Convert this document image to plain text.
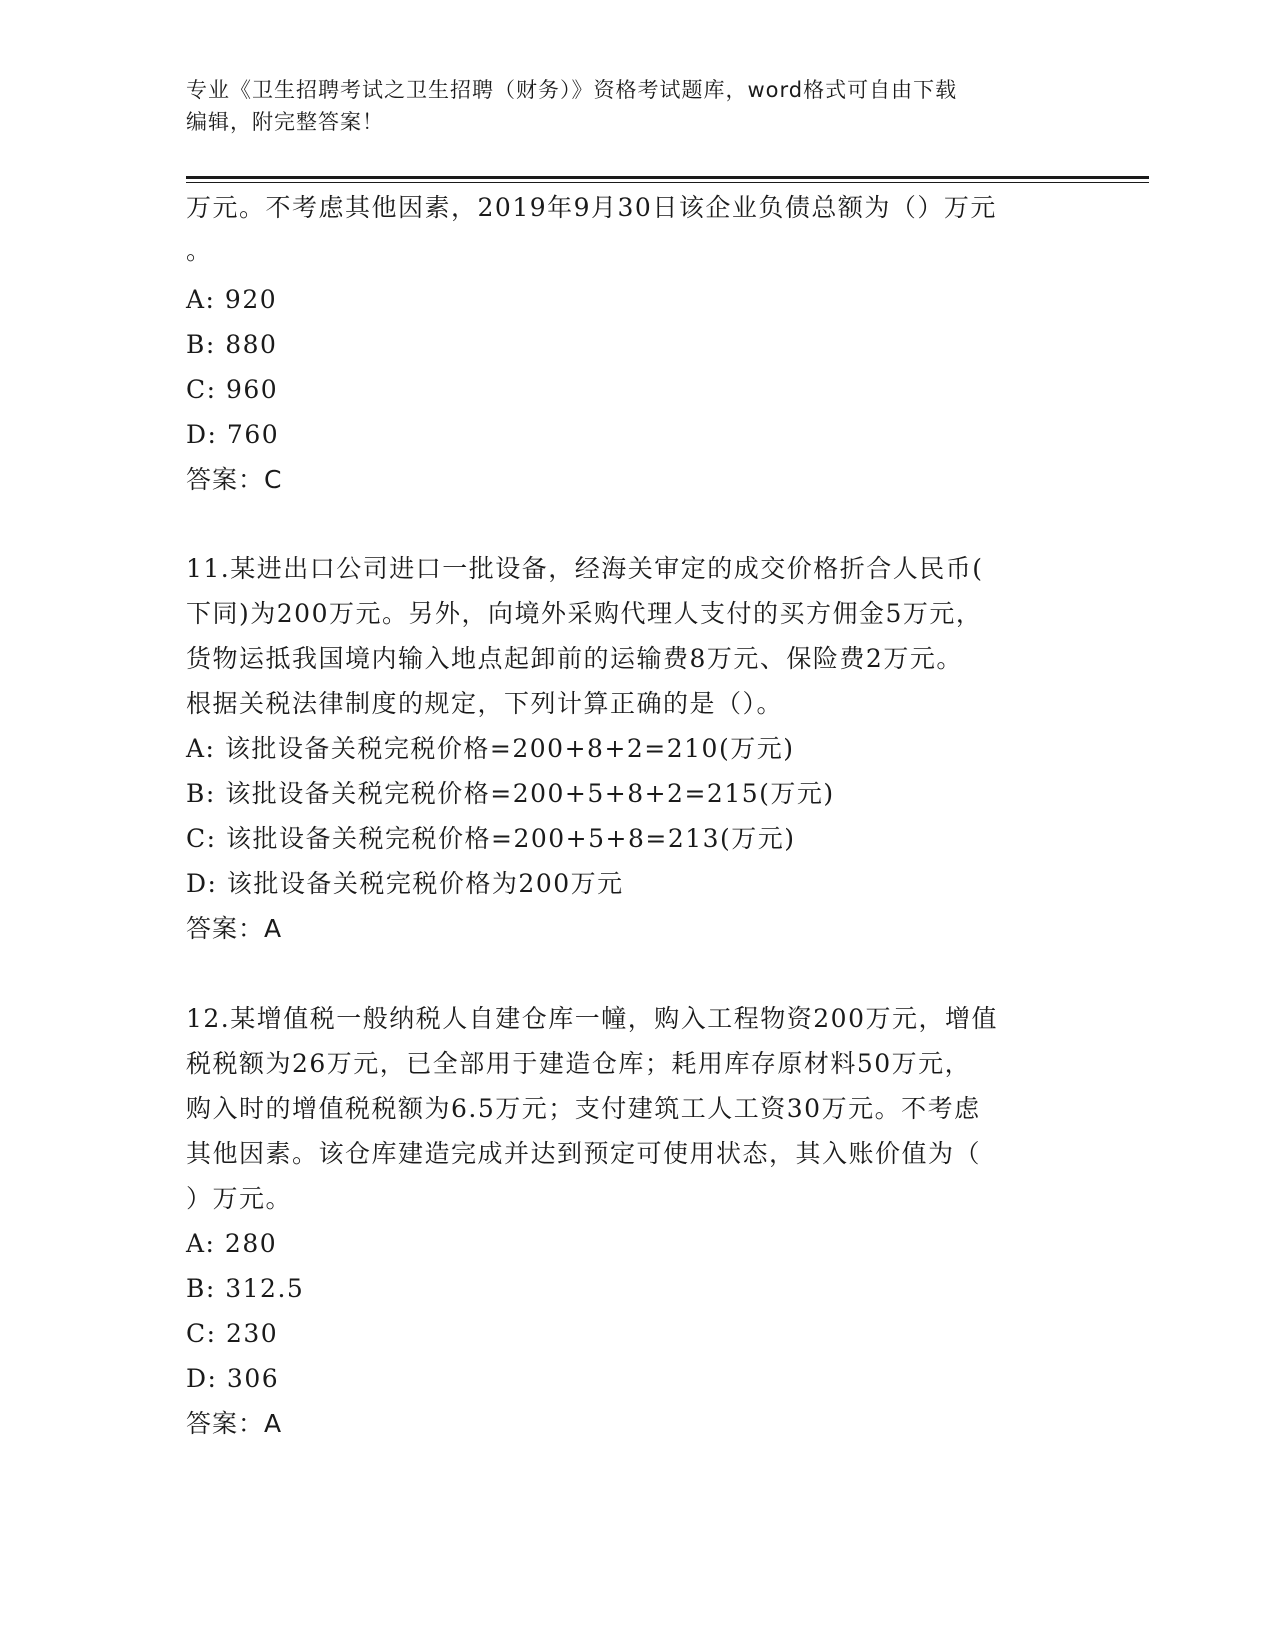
专业《卫生招聘考试之卫生招聘（财务）》资格考试题库，word格式可自由下载
编辑，附完整答案！
万元。不考虑其他因素，2019年9月30日该企业负债总额为（）万元
。
A: 920
B: 880
C: 960
D: 760
答案：C
11.某进出口公司进口一批设备，经海关审定的成交价格折合人民币(
下同)为200万元。另外，向境外采购代理人支付的买方佣金5万元，
货物运抵我国境内输入地点起卸前的运输费8万元、保险费2万元。
根据关税法律制度的规定，下列计算正确的是（）。
A: 该批设备关税完税价格=200+8+2=210(万元)
B: 该批设备关税完税价格=200+5+8+2=215(万元)
C: 该批设备关税完税价格=200+5+8=213(万元)
D: 该批设备关税完税价格为200万元
答案：A
12.某增值税一般纳税人自建仓库一幢，购入工程物资200万元，增值
税税额为26万元，已全部用于建造仓库；耗用库存原材料50万元，
购入时的增值税税额为6.5万元；支付建筑工人工资30万元。不考虑
其他因素。该仓库建造完成并达到预定可使用状态，其入账价值为（
）万元。
A: 280
B: 312.5
C: 230
D: 306
答案：A
